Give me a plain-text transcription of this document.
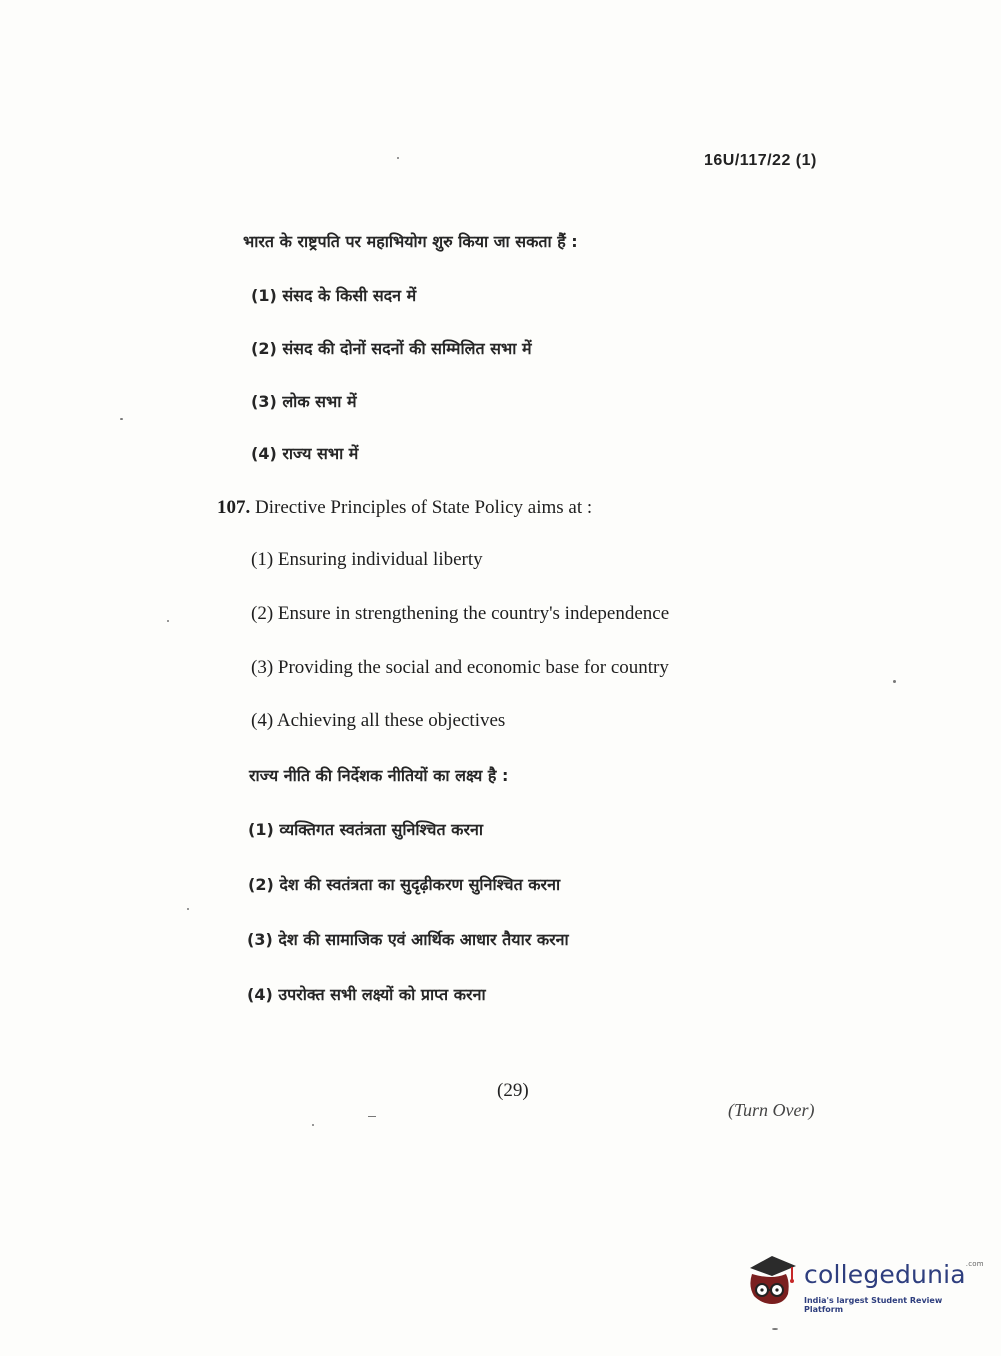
16U/117/22 (1)
भारत के राष्ट्रपति पर महाभियोग शुरु किया जा सकता हैं :
(1) संसद के किसी सदन में
(2) संसद की दोनों सदनों की सम्मिलित सभा में
(3) लोक सभा में
(4) राज्य सभा में
107. Directive Principles of State Policy aims at :
(1) Ensuring individual liberty
(2) Ensure in strengthening the country's independence
(3) Providing the social and economic base for country
(4) Achieving all these objectives
राज्य नीति की निर्देशक नीतियों का लक्ष्य है :
(1) व्यक्तिगत स्वतंत्रता सुनिश्चित करना
(2) देश की स्वतंत्रता का सुदृढ़ीकरण सुनिश्चित करना
(3) देश की सामाजिक एवं आर्थिक आधार तैयार करना
(4) उपरोक्त सभी लक्ष्यों को प्राप्त करना
(29)
(Turn Over)
collegedunia$^{.com}$
India's largest Student Review Platform
